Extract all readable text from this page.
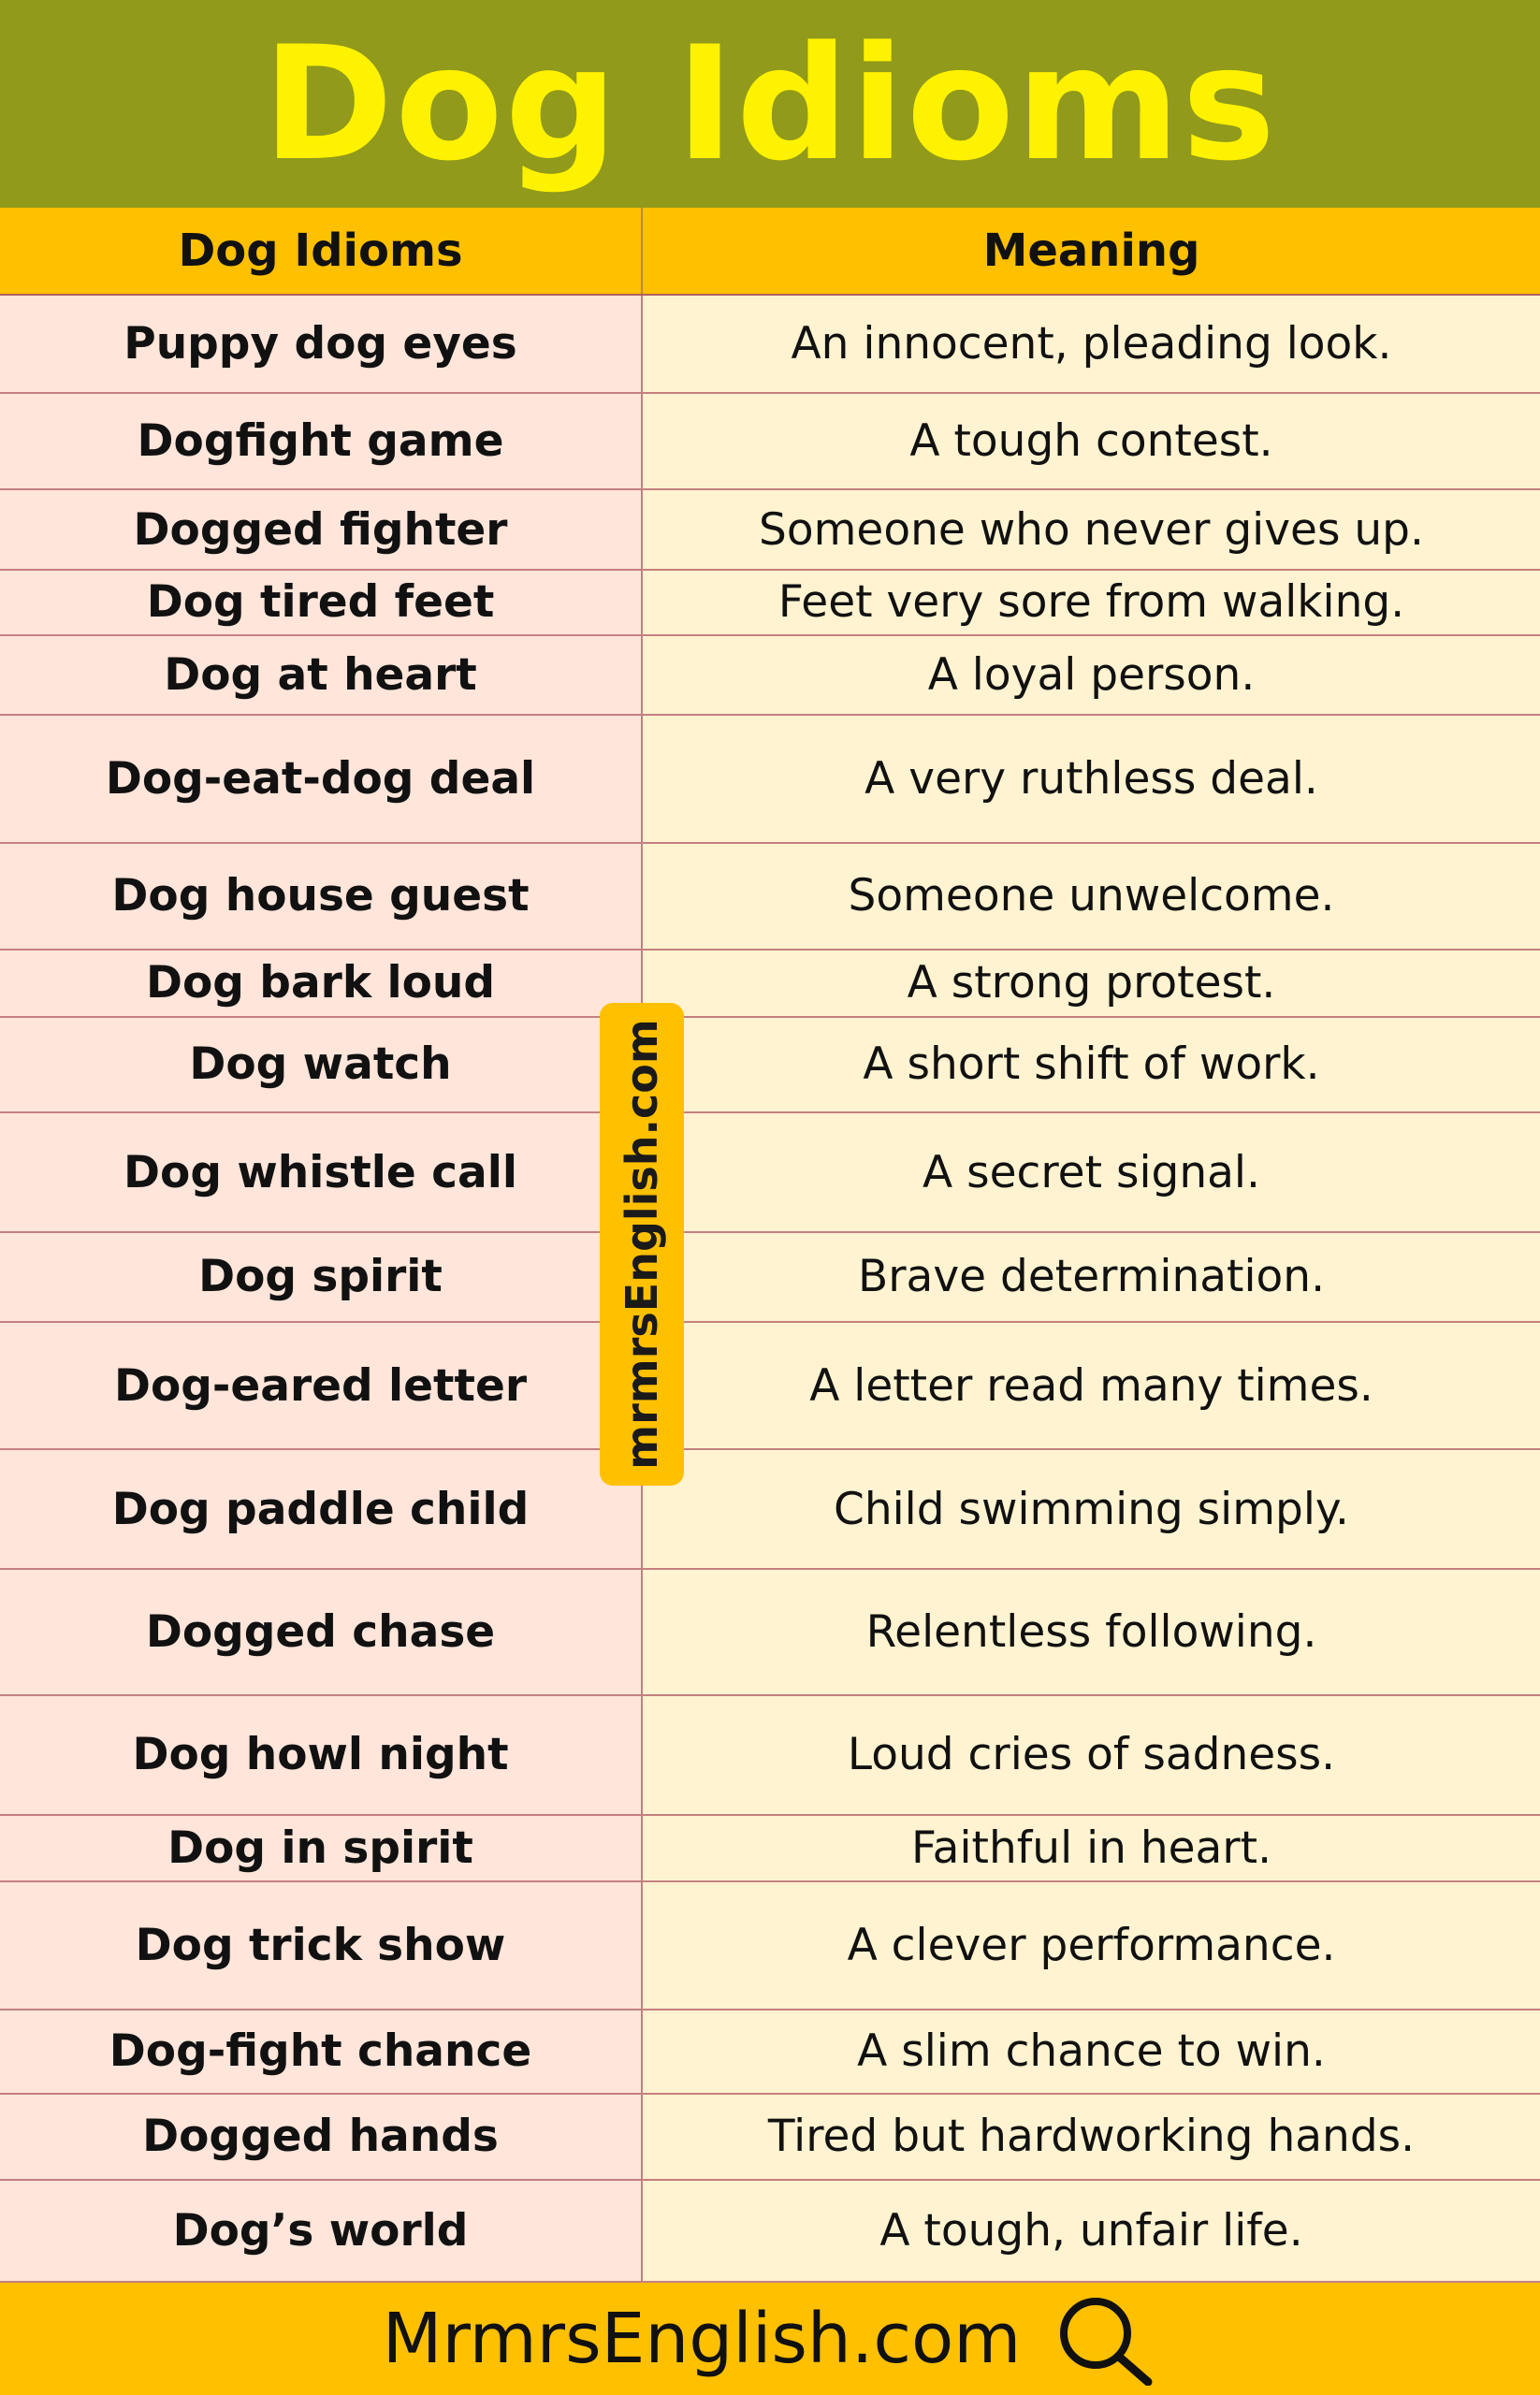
Dog Idioms
Dog Idioms	Meaning
Puppy dog eyes	An innocent, pleading look.
Dogfight game	A tough contest.
Dogged fighter	Someone who never gives up.
Dog tired feet	Feet very sore from walking.
Dog at heart	A loyal person.
Dog-eat-dog deal	A very ruthless deal.
Dog house guest	Someone unwelcome.
Dog bark loud	A strong protest.
Dog watch	A short shift of work.
Dog whistle call	A secret signal.
Dog spirit	Brave determination.
Dog-eared letter	A letter read many times.
Dog paddle child	Child swimming simply.
Dogged chase	Relentless following.
Dog howl night	Loud cries of sadness.
Dog in spirit	Faithful in heart.
Dog trick show	A clever performance.
Dog-fight chance	A slim chance to win.
Dogged hands	Tired but hardworking hands.
Dog’s world	A tough, unfair life.
mrmrsEnglish.com
MrmrsEnglish.com
